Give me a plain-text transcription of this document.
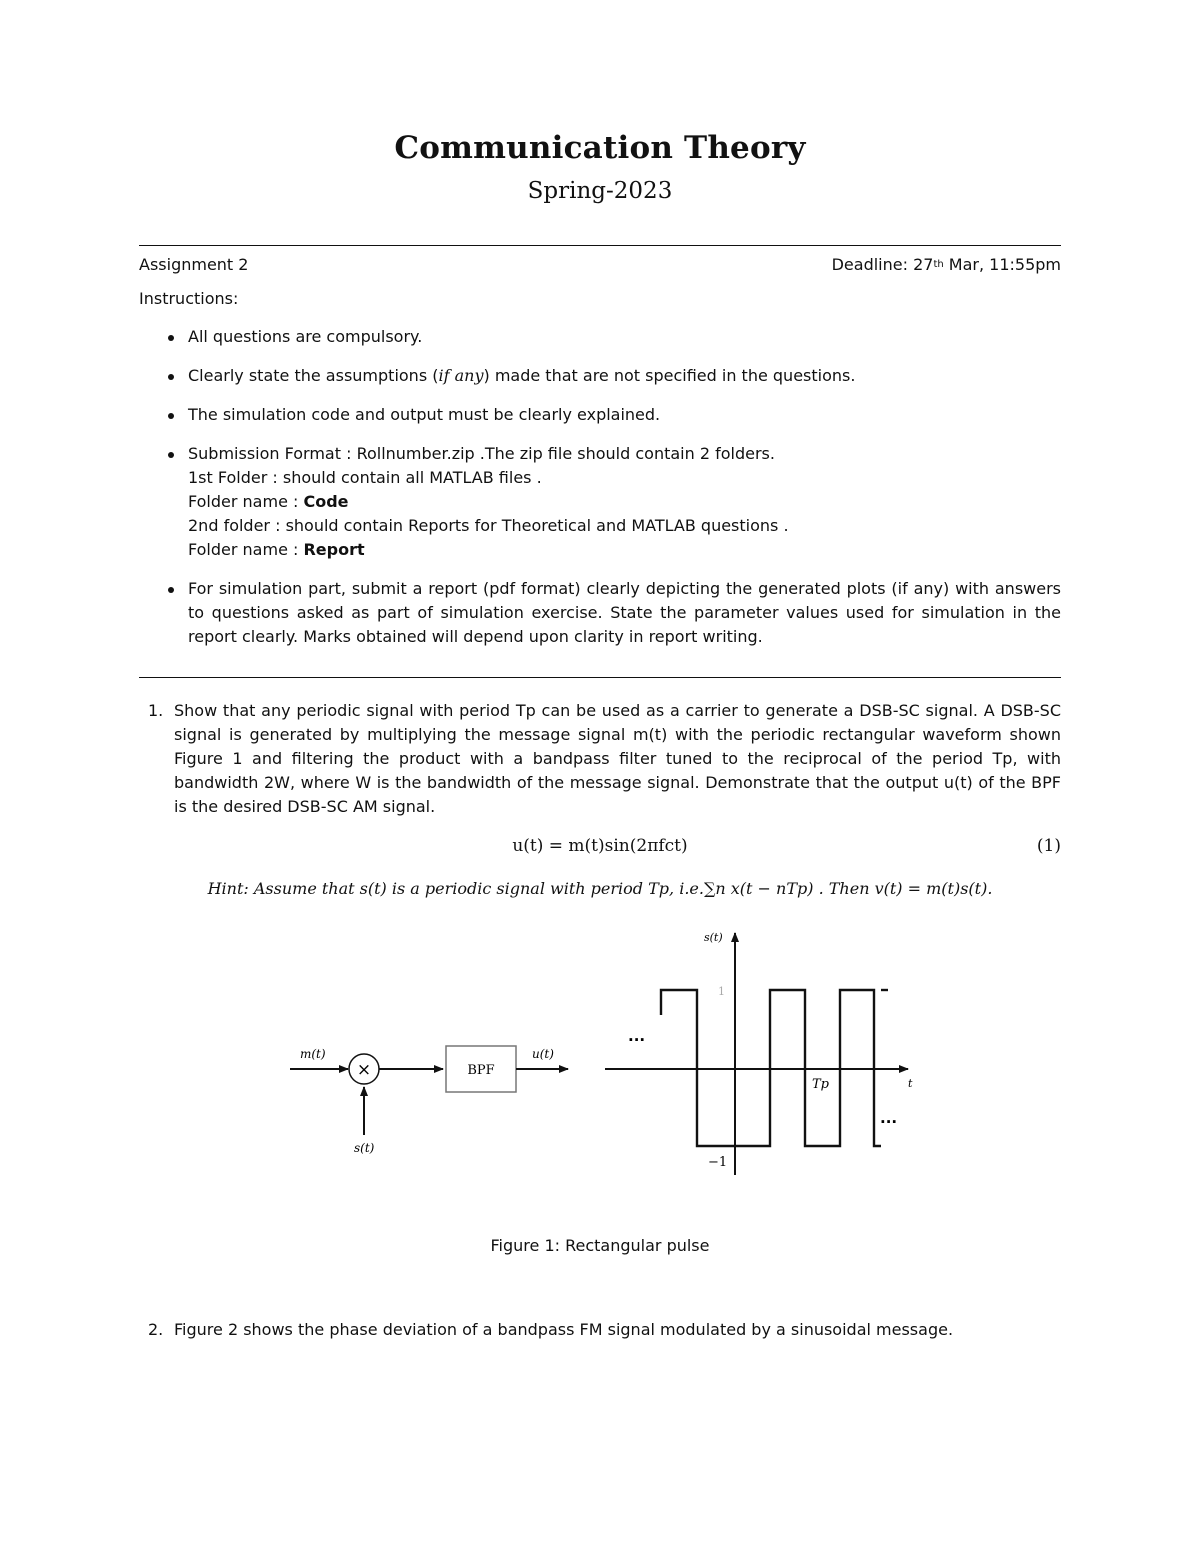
Communication Theory
Spring-2023
Assignment 2	Deadline: 27th Mar, 11:55pm
Instructions:
All questions are compulsory.
Clearly state the assumptions (if any) made that are not specified in the questions.
The simulation code and output must be clearly explained.
Submission Format : Rollnumber.zip .The zip file should contain 2 folders.
1st Folder : should contain all MATLAB files .
Folder name : Code
2nd folder : should contain Reports for Theoretical and MATLAB questions .
Folder name : Report
For simulation part, submit a report (pdf format) clearly depicting the generated plots (if any) with answers to questions asked as part of simulation exercise. State the parameter values used for simulation in the report clearly. Marks obtained will depend upon clarity in report writing.
1. Show that any periodic signal with period Tp can be used as a carrier to generate a DSB-SC signal. A DSB-SC signal is generated by multiplying the message signal m(t) with the periodic rectangular waveform shown Figure 1 and filtering the product with a bandpass filter tuned to the reciprocal of the period Tp, with bandwidth 2W, where W is the bandwidth of the message signal. Demonstrate that the output u(t) of the BPF is the desired DSB-SC AM signal.
u(t) = m(t)sin(2πfct)	(1)
Hint: Assume that s(t) is a periodic signal with period Tp, i.e.∑n x(t − nTp) . Then v(t) = m(t)s(t).
m(t)
×
s(t)
BPF
u(t)
s(t)
1
−1
Tp	t
...
...
Figure 1: Rectangular pulse
2. Figure 2 shows the phase deviation of a bandpass FM signal modulated by a sinusoidal message.
